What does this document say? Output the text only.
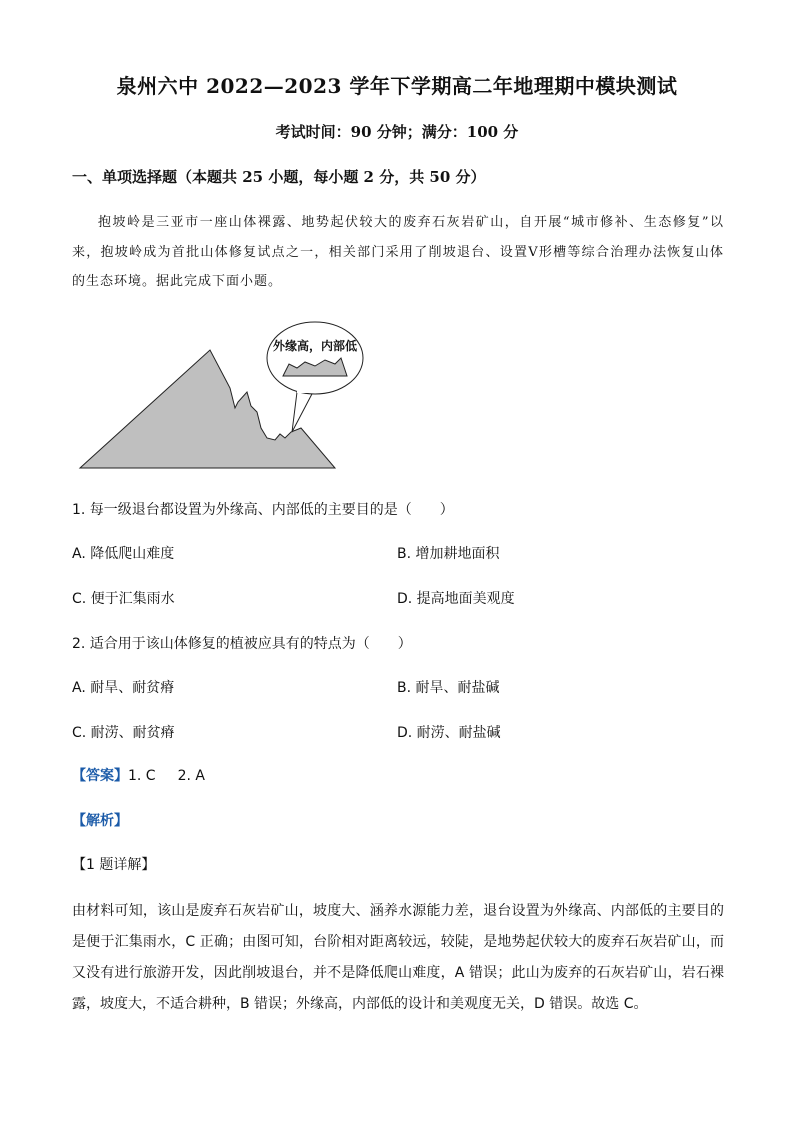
泉州六中 2022—2023 学年下学期高二年地理期中模块测试
考试时间：90 分钟；满分：100 分
一、单项选择题（本题共 25 小题，每小题 2 分，共 50 分）
抱坡岭是三亚市一座山体裸露、地势起伏较大的废弃石灰岩矿山，自开展“城市修补、生态修复”以来，抱坡岭成为首批山体修复试点之一，相关部门采用了削坡退台、设置V形槽等综合治理办法恢复山体的生态环境。据此完成下面小题。
外缘高，内部低
1. 每一级退台都设置为外缘高、内部低的主要目的是（　　）
A. 降低爬山难度	B. 增加耕地面积
C. 便于汇集雨水	D. 提高地面美观度
2. 适合用于该山体修复的植被应具有的特点为（　　）
A. 耐旱、耐贫瘠	B. 耐旱、耐盐碱
C. 耐涝、耐贫瘠	D. 耐涝、耐盐碱
【答案】1. C 2. A
【解析】
【1 题详解】
由材料可知，该山是废弃石灰岩矿山，坡度大、涵养水源能力差，退台设置为外缘高、内部低的主要目的是便于汇集雨水，C 正确；由图可知，台阶相对距离较远，较陡，是地势起伏较大的废弃石灰岩矿山，而又没有进行旅游开发，因此削坡退台，并不是降低爬山难度，A 错误；此山为废弃的石灰岩矿山，岩石裸露，坡度大，不适合耕种，B 错误；外缘高，内部低的设计和美观度无关，D 错误。故选 C。
